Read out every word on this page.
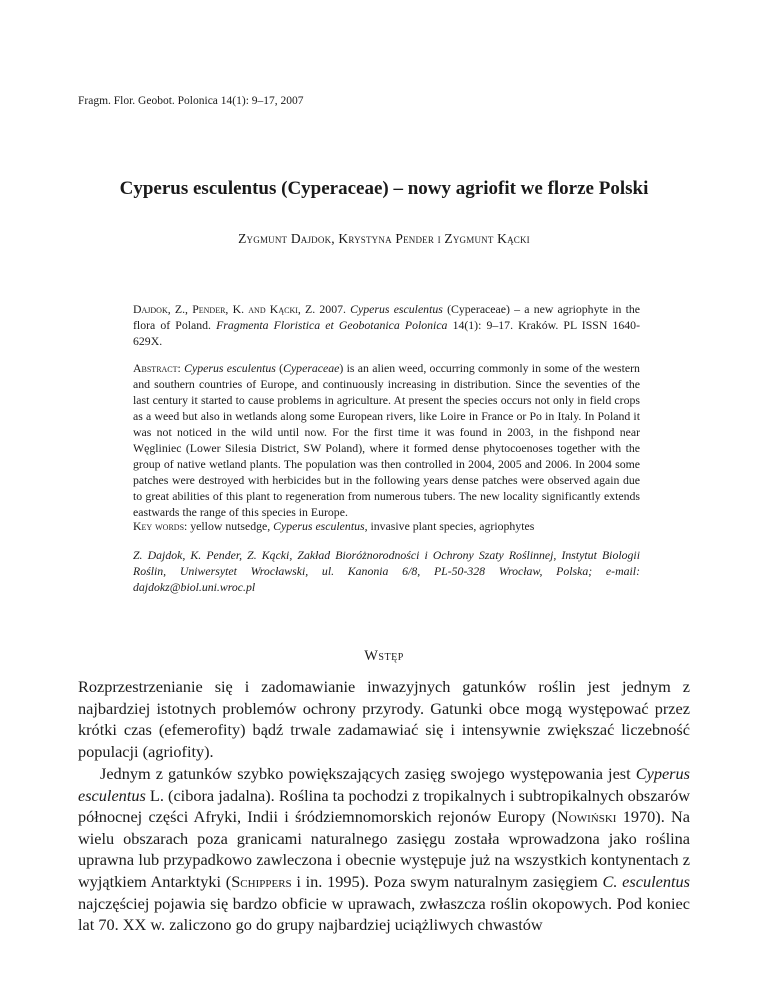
Fragm. Flor. Geobot. Polonica 14(1): 9–17, 2007
Cyperus esculentus (Cyperaceae) – nowy agriofit we florze Polski
Zygmunt Dajdok, Krystyna Pender i Zygmunt Kącki
Dajdok, Z., Pender, K. and Kącki, Z. 2007. Cyperus esculentus (Cyperaceae) – a new agriophyte in the flora of Poland. Fragmenta Floristica et Geobotanica Polonica 14(1): 9–17. Kraków. PL ISSN 1640-629X.
Abstract: Cyperus esculentus (Cyperaceae) is an alien weed, occurring commonly in some of the western and southern countries of Europe, and continuously increasing in distribution. Since the seventies of the last century it started to cause problems in agriculture. At present the species occurs not only in field crops as a weed but also in wetlands along some European rivers, like Loire in France or Po in Italy. In Poland it was not noticed in the wild until now. For the first time it was found in 2003, in the fishpond near Węgliniec (Lower Silesia District, SW Poland), where it formed dense phytocoenoses together with the group of native wetland plants. The population was then controlled in 2004, 2005 and 2006. In 2004 some patches were destroyed with herbicides but in the following years dense patches were observed again due to great abilities of this plant to regeneration from numerous tubers. The new locality significantly extends eastwards the range of this species in Europe.
Key words: yellow nutsedge, Cyperus esculentus, invasive plant species, agriophytes
Z. Dajdok, K. Pender, Z. Kącki, Zakład Bioróżnorodności i Ochrony Szaty Roślinnej, Instytut Biologii Roślin, Uniwersytet Wrocławski, ul. Kanonia 6/8, PL-50-328 Wrocław, Polska; e-mail: dajdokz@biol.uni.wroc.pl
Wstęp
Rozprzestrzenianie się i zadomawianie inwazyjnych gatunków roślin jest jednym z najbardziej istotnych problemów ochrony przyrody. Gatunki obce mogą występować przez krótki czas (efemerofity) bądź trwale zadamawiać się i intensywnie zwiększać liczebność populacji (agriofity).
Jednym z gatunków szybko powiększających zasięg swojego występowania jest Cyperus esculentus L. (cibora jadalna). Roślina ta pochodzi z tropikalnych i subtropikalnych obszarów północnej części Afryki, Indii i śródziemnomorskich rejonów Europy (Nowiński 1970). Na wielu obszarach poza granicami naturalnego zasięgu została wprowadzona jako roślina uprawna lub przypadkowo zawleczona i obecnie występuje już na wszystkich kontynentach z wyjątkiem Antarktyki (Schippers i in. 1995). Poza swym naturalnym zasięgiem C. esculentus najczęściej pojawia się bardzo obficie w uprawach, zwłaszcza roślin okopowych. Pod koniec lat 70. XX w. zaliczono go do grupy najbardziej uciążliwych chwastów
